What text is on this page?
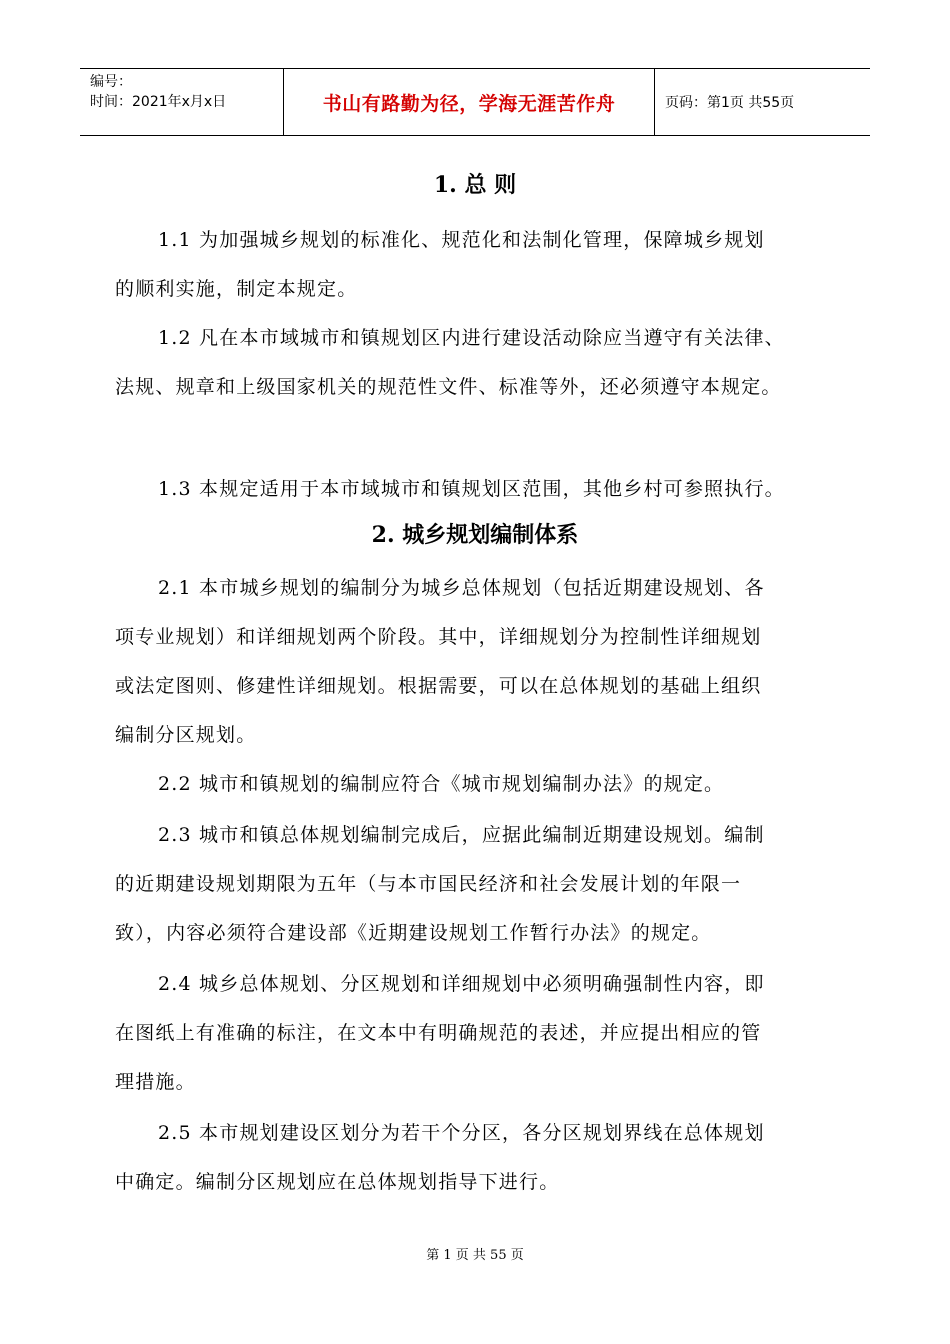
编号：
时间：2021年x月x日	书山有路勤为径，学海无涯苦作舟	页码：第1页 共55页
1. 总 则
1.1 为加强城乡规划的标准化、规范化和法制化管理，保障城乡规划
的顺利实施，制定本规定。
1.2 凡在本市域城市和镇规划区内进行建设活动除应当遵守有关法律、
法规、规章和上级国家机关的规范性文件、标准等外，还必须遵守本规定。
1.3 本规定适用于本市域城市和镇规划区范围，其他乡村可参照执行。
2. 城乡规划编制体系
2.1 本市城乡规划的编制分为城乡总体规划（包括近期建设规划、各
项专业规划）和详细规划两个阶段。其中，详细规划分为控制性详细规划
或法定图则、修建性详细规划。根据需要，可以在总体规划的基础上组织
编制分区规划。
2.2 城市和镇规划的编制应符合《城市规划编制办法》的规定。
2.3 城市和镇总体规划编制完成后，应据此编制近期建设规划。编制
的近期建设规划期限为五年（与本市国民经济和社会发展计划的年限一
致），内容必须符合建设部《近期建设规划工作暂行办法》的规定。
2.4 城乡总体规划、分区规划和详细规划中必须明确强制性内容，即
在图纸上有准确的标注，在文本中有明确规范的表述，并应提出相应的管
理措施。
2.5 本市规划建设区划分为若干个分区，各分区规划界线在总体规划
中确定。编制分区规划应在总体规划指导下进行。
第 1 页 共 55 页
